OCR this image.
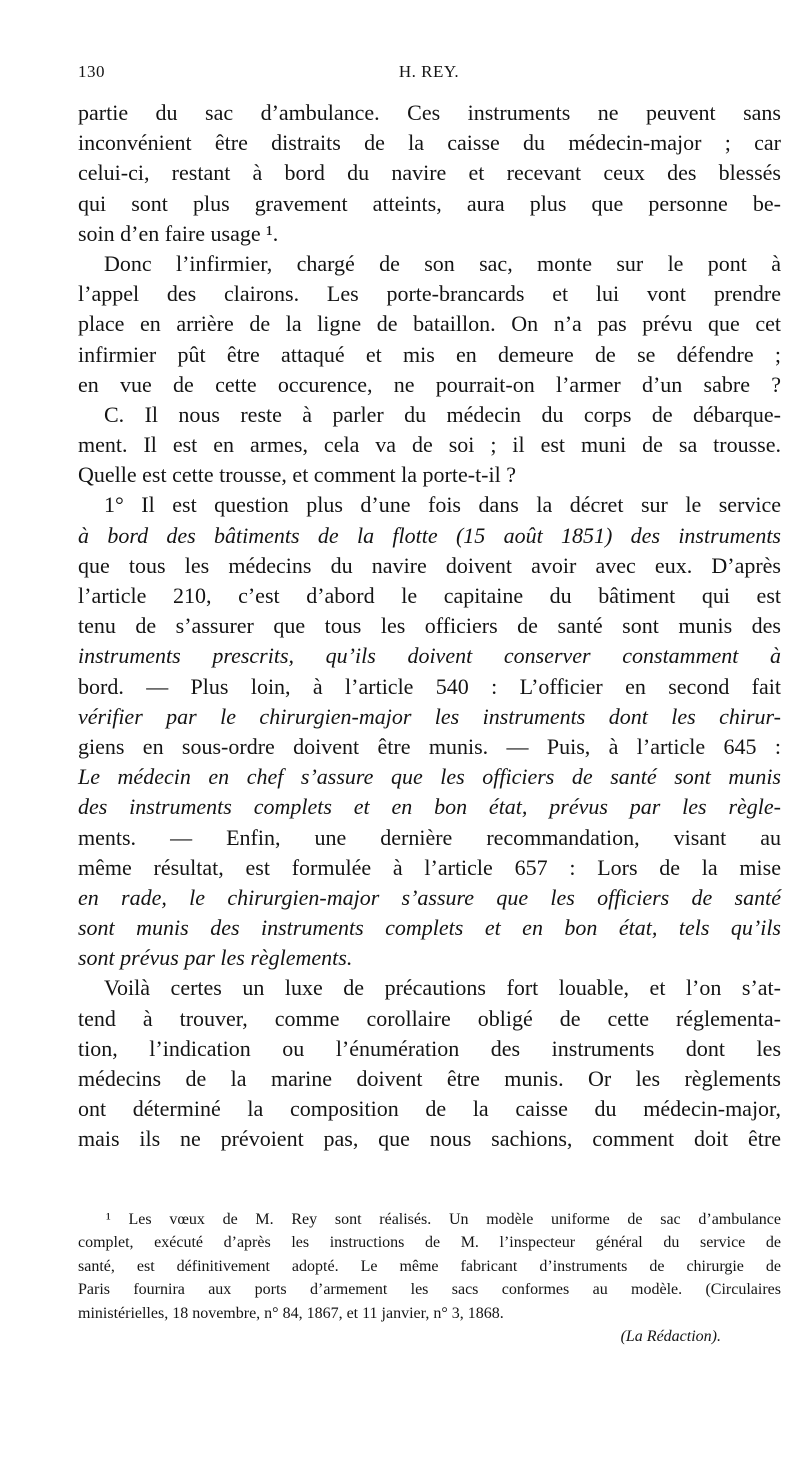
130	H. REY.
partie du sac d’ambulance. Ces instruments ne peuvent sans
inconvénient être distraits de la caisse du médecin-major ; car
celui-ci, restant à bord du navire et recevant ceux des blessés
qui sont plus gravement atteints, aura plus que personne be-
soin d’en faire usage ¹.
Donc l’infirmier, chargé de son sac, monte sur le pont à
l’appel des clairons. Les porte-brancards et lui vont prendre
place en arrière de la ligne de bataillon. On n’a pas prévu que cet
infirmier pût être attaqué et mis en demeure de se défendre ;
en vue de cette occurence, ne pourrait-on l’armer d’un sabre ?
C. Il nous reste à parler du médecin du corps de débarque-
ment. Il est en armes, cela va de soi ; il est muni de sa trousse.
Quelle est cette trousse, et comment la porte-t-il ?
1° Il est question plus d’une fois dans la décret sur le service
à bord des bâtiments de la flotte (15 août 1851) des instruments
que tous les médecins du navire doivent avoir avec eux. D’après
l’article 210, c’est d’abord le capitaine du bâtiment qui est
tenu de s’assurer que tous les officiers de santé sont munis des
instruments prescrits, qu’ils doivent conserver constamment à
bord. — Plus loin, à l’article 540 : L’officier en second fait
vérifier par le chirurgien-major les instruments dont les chirur-
giens en sous-ordre doivent être munis. — Puis, à l’article 645 :
Le médecin en chef s’assure que les officiers de santé sont munis
des instruments complets et en bon état, prévus par les règle-
ments. — Enfin, une dernière recommandation, visant au
même résultat, est formulée à l’article 657 : Lors de la mise
en rade, le chirurgien-major s’assure que les officiers de santé
sont munis des instruments complets et en bon état, tels qu’ils
sont prévus par les règlements.
Voilà certes un luxe de précautions fort louable, et l’on s’at-
tend à trouver, comme corollaire obligé de cette réglementa-
tion, l’indication ou l’énumération des instruments dont les
médecins de la marine doivent être munis. Or les règlements
ont déterminé la composition de la caisse du médecin-major,
mais ils ne prévoient pas, que nous sachions, comment doit être
¹ Les vœux de M. Rey sont réalisés. Un modèle uniforme de sac d’ambulance
complet, exécuté d’après les instructions de M. l’inspecteur général du service de
santé, est définitivement adopté. Le même fabricant d’instruments de chirurgie de
Paris fournira aux ports d’armement les sacs conformes au modèle. (Circulaires
ministérielles, 18 novembre, n° 84, 1867, et 11 janvier, n° 3, 1868.
(La Rédaction).
